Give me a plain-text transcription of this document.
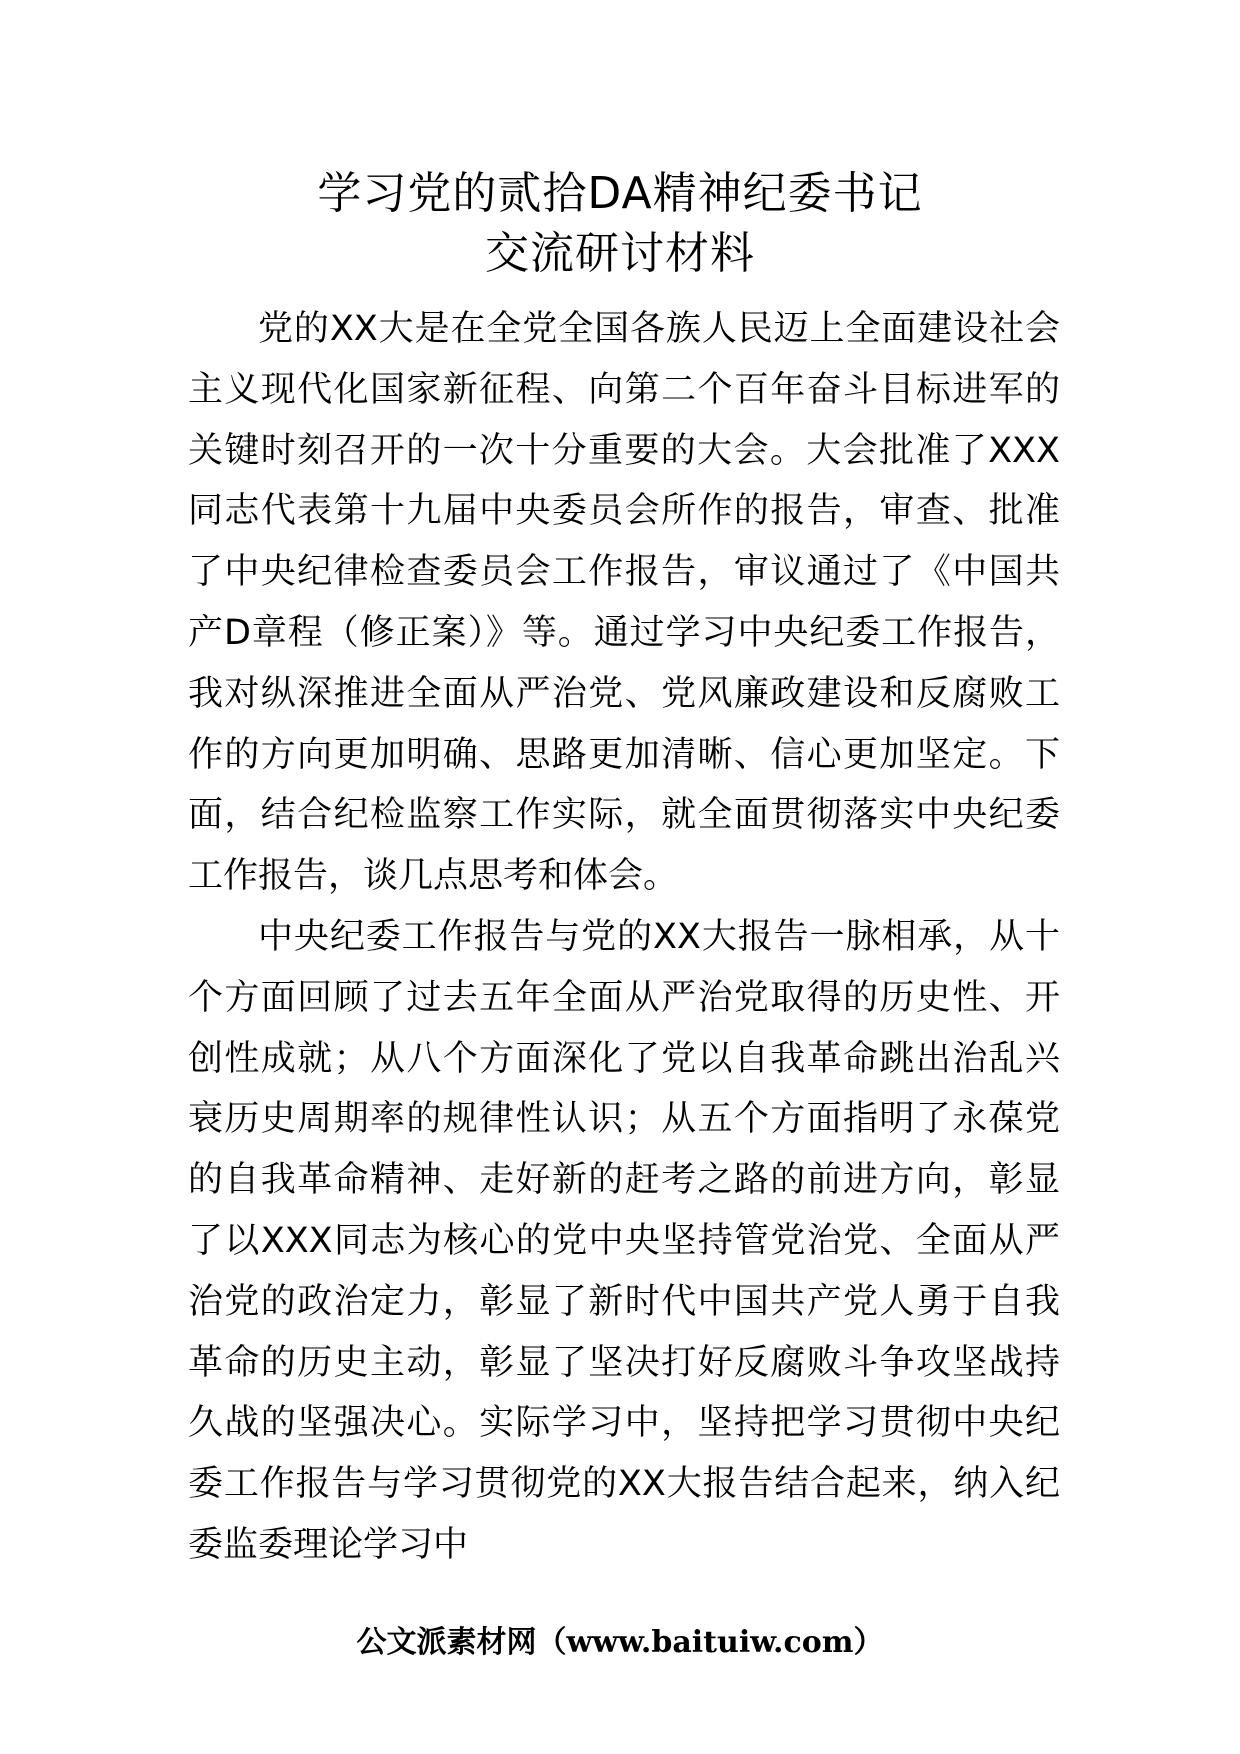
学习党的贰拾DA精神纪委书记
交流研讨材料

党的XX大是在全党全国各族人民迈上全面建设社会主义现代化国家新征程、向第二个百年奋斗目标进军的关键时刻召开的一次十分重要的大会。大会批准了XXX同志代表第十九届中央委员会所作的报告，审查、批准了中央纪律检查委员会工作报告，审议通过了《中国共产D章程（修正案）》等。通过学习中央纪委工作报告，我对纵深推进全面从严治党、党风廉政建设和反腐败工作的方向更加明确、思路更加清晰、信心更加坚定。下面，结合纪检监察工作实际，就全面贯彻落实中央纪委工作报告，谈几点思考和体会。

中央纪委工作报告与党的XX大报告一脉相承，从十个方面回顾了过去五年全面从严治党取得的历史性、开创性成就；从八个方面深化了党以自我革命跳出治乱兴衰历史周期率的规律性认识；从五个方面指明了永葆党的自我革命精神、走好新的赶考之路的前进方向，彰显了以XXX同志为核心的党中央坚持管党治党、全面从严治党的政治定力，彰显了新时代中国共产党人勇于自我革命的历史主动，彰显了坚决打好反腐败斗争攻坚战持久战的坚强决心。实际学习中，坚持把学习贯彻中央纪委工作报告与学习贯彻党的XX大报告结合起来，纳入纪委监委理论学习中

公文派素材网（www.baituiw.com）
